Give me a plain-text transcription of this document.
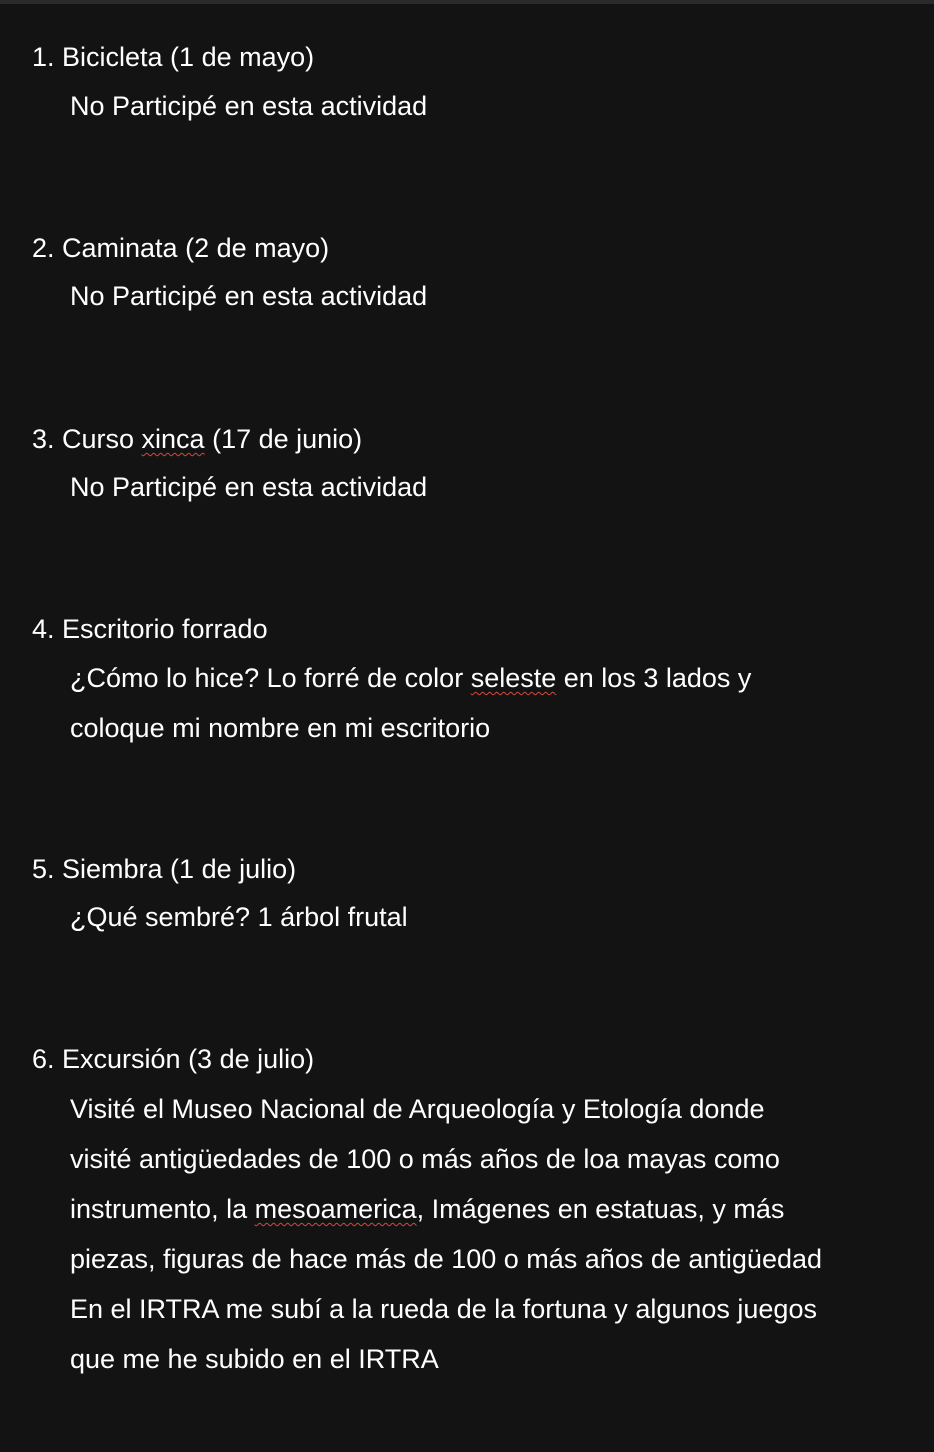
1. Bicicleta (1 de mayo)
No Participé en esta actividad
2. Caminata (2 de mayo)
No Participé en esta actividad
3. Curso xinca (17 de junio)
No Participé en esta actividad
4. Escritorio forrado
¿Cómo lo hice? Lo forré de color seleste en los 3 lados y
coloque mi nombre en mi escritorio
5. Siembra (1 de julio)
¿Qué sembré? 1 árbol frutal
6. Excursión (3 de julio)
Visité el Museo Nacional de Arqueología y Etología donde
visité antigüedades de 100 o más años de loa mayas como
instrumento, la mesoamerica, Imágenes en estatuas, y más
piezas, figuras de hace más de 100 o más años de antigüedad
En el IRTRA me subí a la rueda de la fortuna y algunos juegos
que me he subido en el IRTRA
